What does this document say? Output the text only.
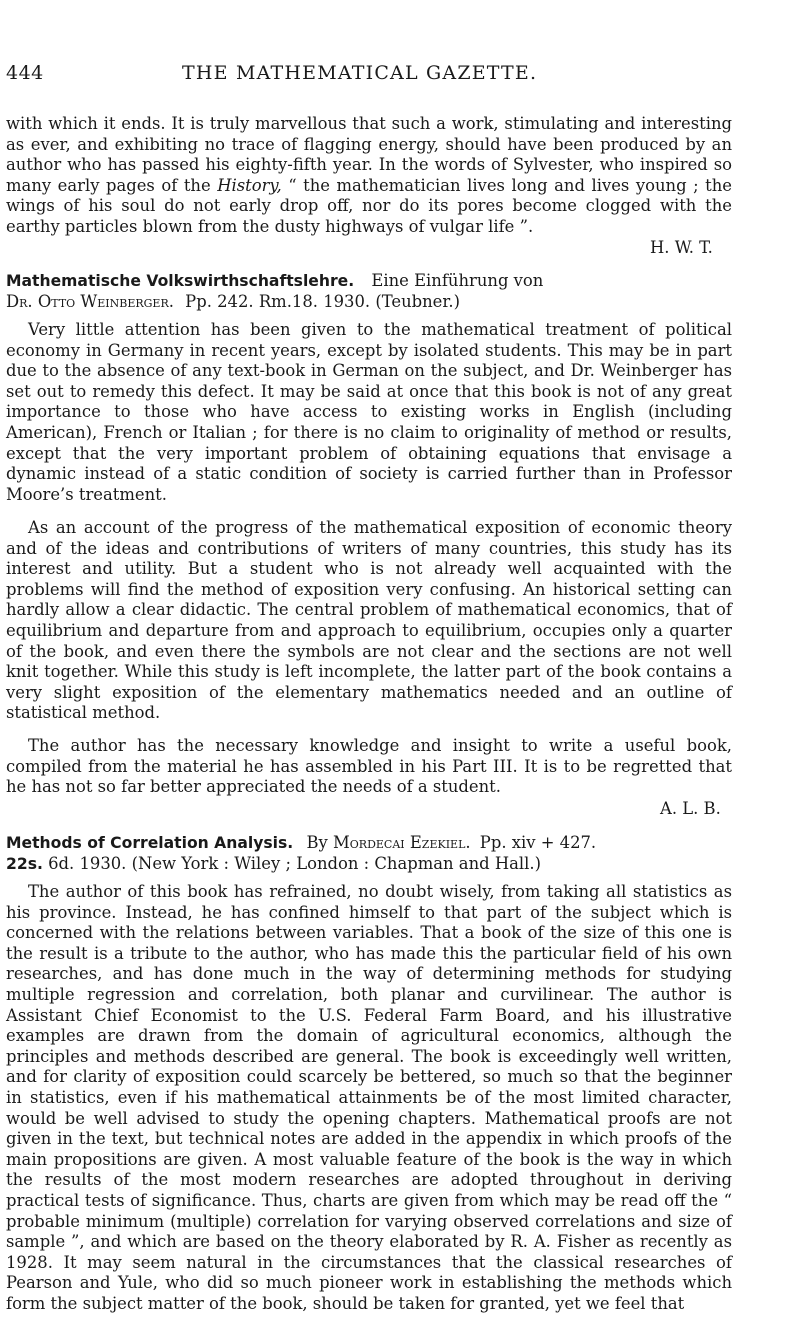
444	THE MATHEMATICAL GAZETTE.

with which it ends. It is truly marvellous that such a work, stimulating and interesting as ever, and exhibiting no trace of flagging energy, should have been produced by an author who has passed his eighty-fifth year. In the words of Sylvester, who inspired so many early pages of the History, “ the mathematician lives long and lives young ; the wings of his soul do not early drop off, nor do its pores become clogged with the earthy particles blown from the dusty highways of vulgar life ”.

H. W. T.
Mathematische Volkswirthschaftslehre. Eine Einführung von
Dr. Otto Weinberger. Pp. 242. Rm.18. 1930. (Teubner.)

Very little attention has been given to the mathematical treatment of political economy in Germany in recent years, except by isolated students. This may be in part due to the absence of any text-book in German on the subject, and Dr. Weinberger has set out to remedy this defect. It may be said at once that this book is not of any great importance to those who have access to existing works in English (including American), French or Italian ; for there is no claim to originality of method or results, except that the very important problem of obtaining equations that envisage a dynamic instead of a static condition of society is carried further than in Professor Moore’s treatment.

As an account of the progress of the mathematical exposition of economic theory and of the ideas and contributions of writers of many countries, this study has its interest and utility. But a student who is not already well acquainted with the problems will find the method of exposition very confusing. An historical setting can hardly allow a clear didactic. The central problem of mathematical economics, that of equilibrium and departure from and approach to equilibrium, occupies only a quarter of the book, and even there the symbols are not clear and the sections are not well knit together. While this study is left incomplete, the latter part of the book contains a very slight exposition of the elementary mathematics needed and an outline of statistical method.

The author has the necessary knowledge and insight to write a useful book, compiled from the material he has assembled in his Part III. It is to be regretted that he has not so far better appreciated the needs of a student.

A. L. B.
Methods of Correlation Analysis. By Mordecai Ezekiel. Pp. xiv + 427.
22s. 6d. 1930. (New York : Wiley ; London : Chapman and Hall.)

The author of this book has refrained, no doubt wisely, from taking all statistics as his province. Instead, he has confined himself to that part of the subject which is concerned with the relations between variables. That a book of the size of this one is the result is a tribute to the author, who has made this the particular field of his own researches, and has done much in the way of determining methods for studying multiple regression and correlation, both planar and curvilinear. The author is Assistant Chief Economist to the U.S. Federal Farm Board, and his illustrative examples are drawn from the domain of agricultural economics, although the principles and methods described are general. The book is exceedingly well written, and for clarity of exposition could scarcely be bettered, so much so that the beginner in statistics, even if his mathematical attainments be of the most limited character, would be well advised to study the opening chapters. Mathematical proofs are not given in the text, but technical notes are added in the appendix in which proofs of the main propositions are given. A most valuable feature of the book is the way in which the results of the most modern researches are adopted throughout in deriving practical tests of significance. Thus, charts are given from which may be read off the “ probable minimum (multiple) correlation for varying observed correlations and size of sample ”, and which are based on the theory elaborated by R. A. Fisher as recently as 1928. It may seem natural in the circumstances that the classical researches of Pearson and Yule, who did so much pioneer work in establishing the methods which form the subject matter of the book, should be taken for granted, yet we feel that
